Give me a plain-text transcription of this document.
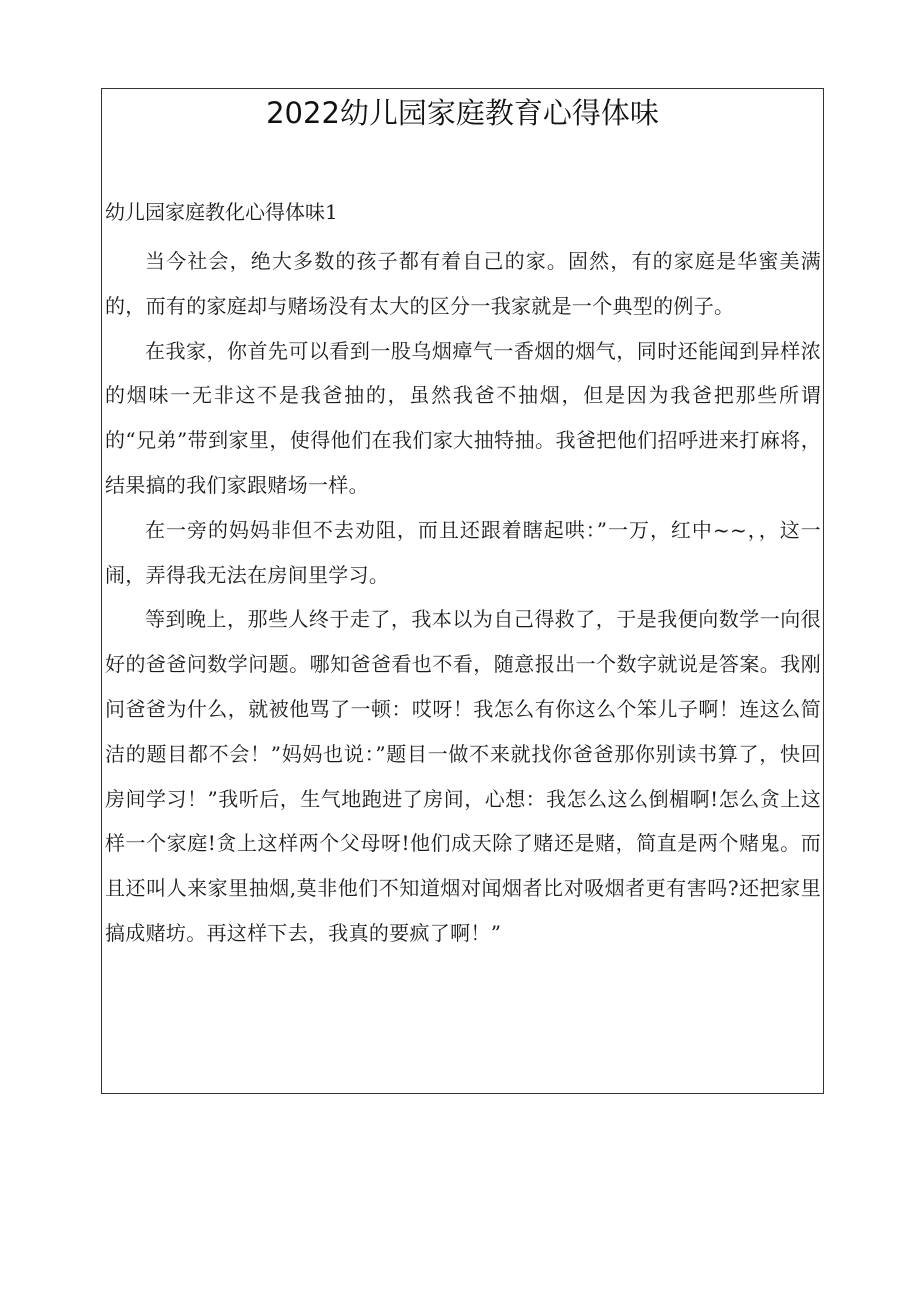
2022幼儿园家庭教育心得体味

幼儿园家庭教化心得体味1

当今社会，绝大多数的孩子都有着自己的家。固然，有的家庭是华蜜美满的，而有的家庭却与赌场没有太大的区分一我家就是一个典型的例子。

在我家，你首先可以看到一股乌烟瘴气一香烟的烟气，同时还能闻到异样浓的烟味一无非这不是我爸抽的，虽然我爸不抽烟，但是因为我爸把那些所谓的“兄弟”带到家里，使得他们在我们家大抽特抽。我爸把他们招呼进来打麻将，结果搞的我们家跟赌场一样。

在一旁的妈妈非但不去劝阻，而且还跟着瞎起哄：”一万，红中~~，，这一闹，弄得我无法在房间里学习。

等到晚上，那些人终于走了，我本以为自己得救了，于是我便向数学一向很好的爸爸问数学问题。哪知爸爸看也不看，随意报出一个数字就说是答案。我刚问爸爸为什么，就被他骂了一顿：哎呀！我怎么有你这么个笨儿子啊！连这么简洁的题目都不会！”妈妈也说：”题目一做不来就找你爸爸那你别读书算了，快回房间学习！”我听后，生气地跑进了房间，心想：我怎么这么倒楣啊!怎么贪上这样一个家庭!贪上这样两个父母呀!他们成天除了赌还是赌，简直是两个赌鬼。而且还叫人来家里抽烟,莫非他们不知道烟对闻烟者比对吸烟者更有害吗?还把家里搞成赌坊。再这样下去，我真的要疯了啊！”
